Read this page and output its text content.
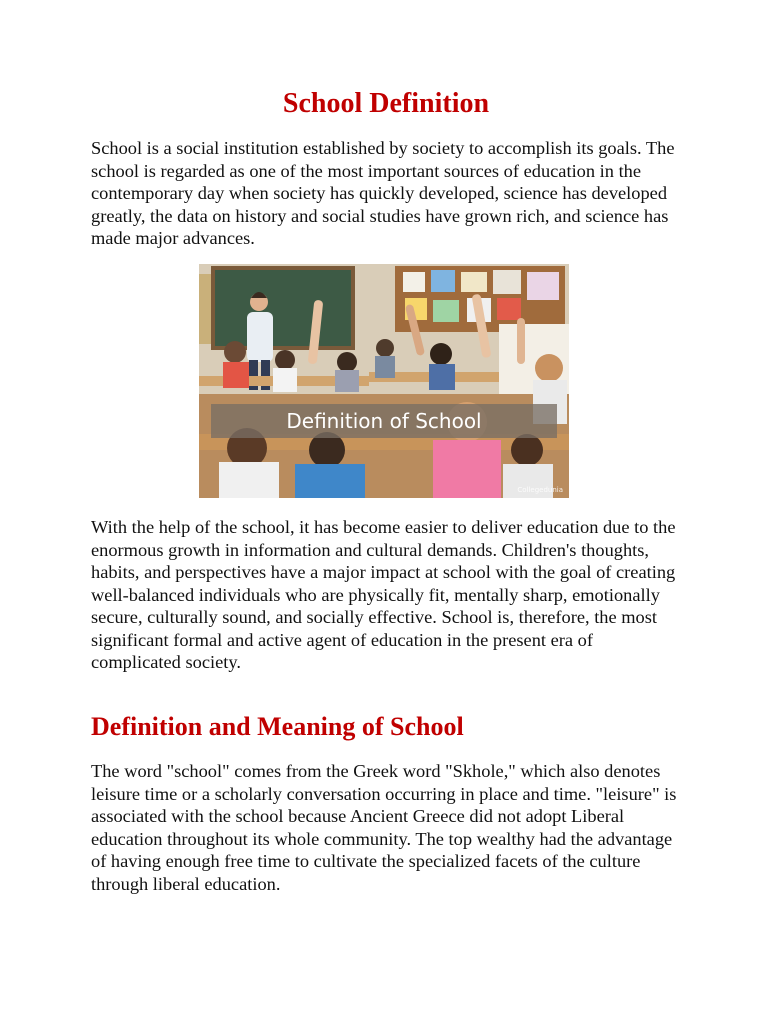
School Definition

School is a social institution established by society to accomplish its goals. The school is regarded as one of the most important sources of education in the contemporary day when society has quickly developed, science has developed greatly, the data on history and social studies have grown rich, and science has made major advances.

Definition of School
Collegedunia

With the help of the school, it has become easier to deliver education due to the enormous growth in information and cultural demands. Children's thoughts, habits, and perspectives have a major impact at school with the goal of creating well-balanced individuals who are physically fit, mentally sharp, emotionally secure, culturally sound, and socially effective. School is, therefore, the most significant formal and active agent of education in the present era of complicated society.

Definition and Meaning of School

The word "school" comes from the Greek word "Skhole," which also denotes leisure time or a scholarly conversation occurring in place and time. "leisure" is associated with the school because Ancient Greece did not adopt Liberal education throughout its whole community. The top wealthy had the advantage of having enough free time to cultivate the specialized facets of the culture through liberal education.
